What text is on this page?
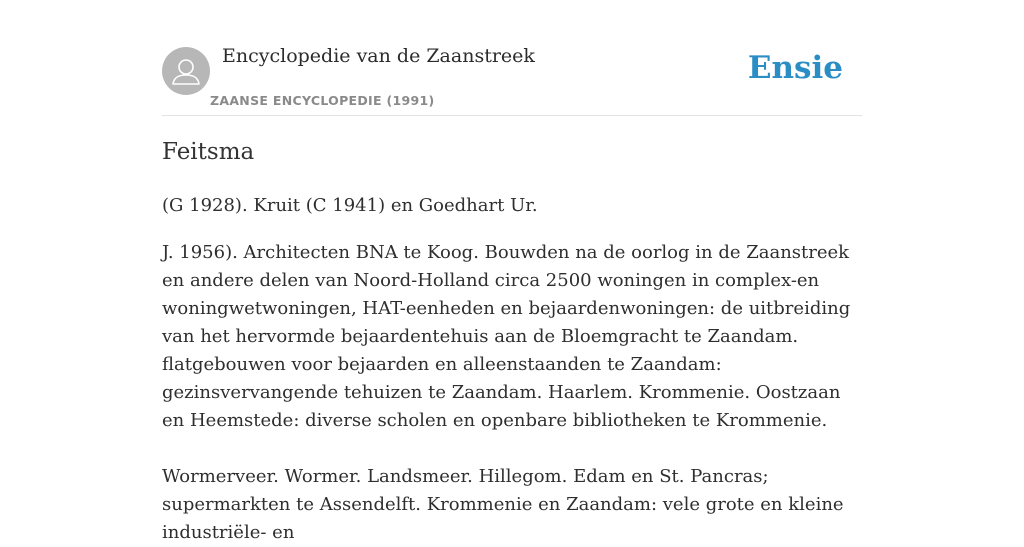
Encyclopedie van de Zaanstreek
ZAANSE ENCYCLOPEDIE (1991)
Ensie
Feitsma

(G 1928). Kruit (C 1941) en Goedhart Ur.

J. 1956). Architecten BNA te Koog. Bouwden na de oorlog in de Zaanstreek en andere delen van Noord-Holland circa 2500 woningen in complex-en woningwetwoningen, HAT-eenheden en bejaardenwoningen: de uitbreiding van het hervormde bejaardentehuis aan de Bloemgracht te Zaandam. flatgebouwen voor bejaarden en alleenstaanden te Zaandam: gezinsvervangende tehuizen te Zaandam. Haarlem. Krommenie. Oostzaan en Heemstede: diverse scholen en openbare bibliotheken te Krommenie.

Wormerveer. Wormer. Landsmeer. Hillegom. Edam en St. Pancras; supermarkten te Assendelft. Krommenie en Zaandam: vele grote en kleine industriële- en
